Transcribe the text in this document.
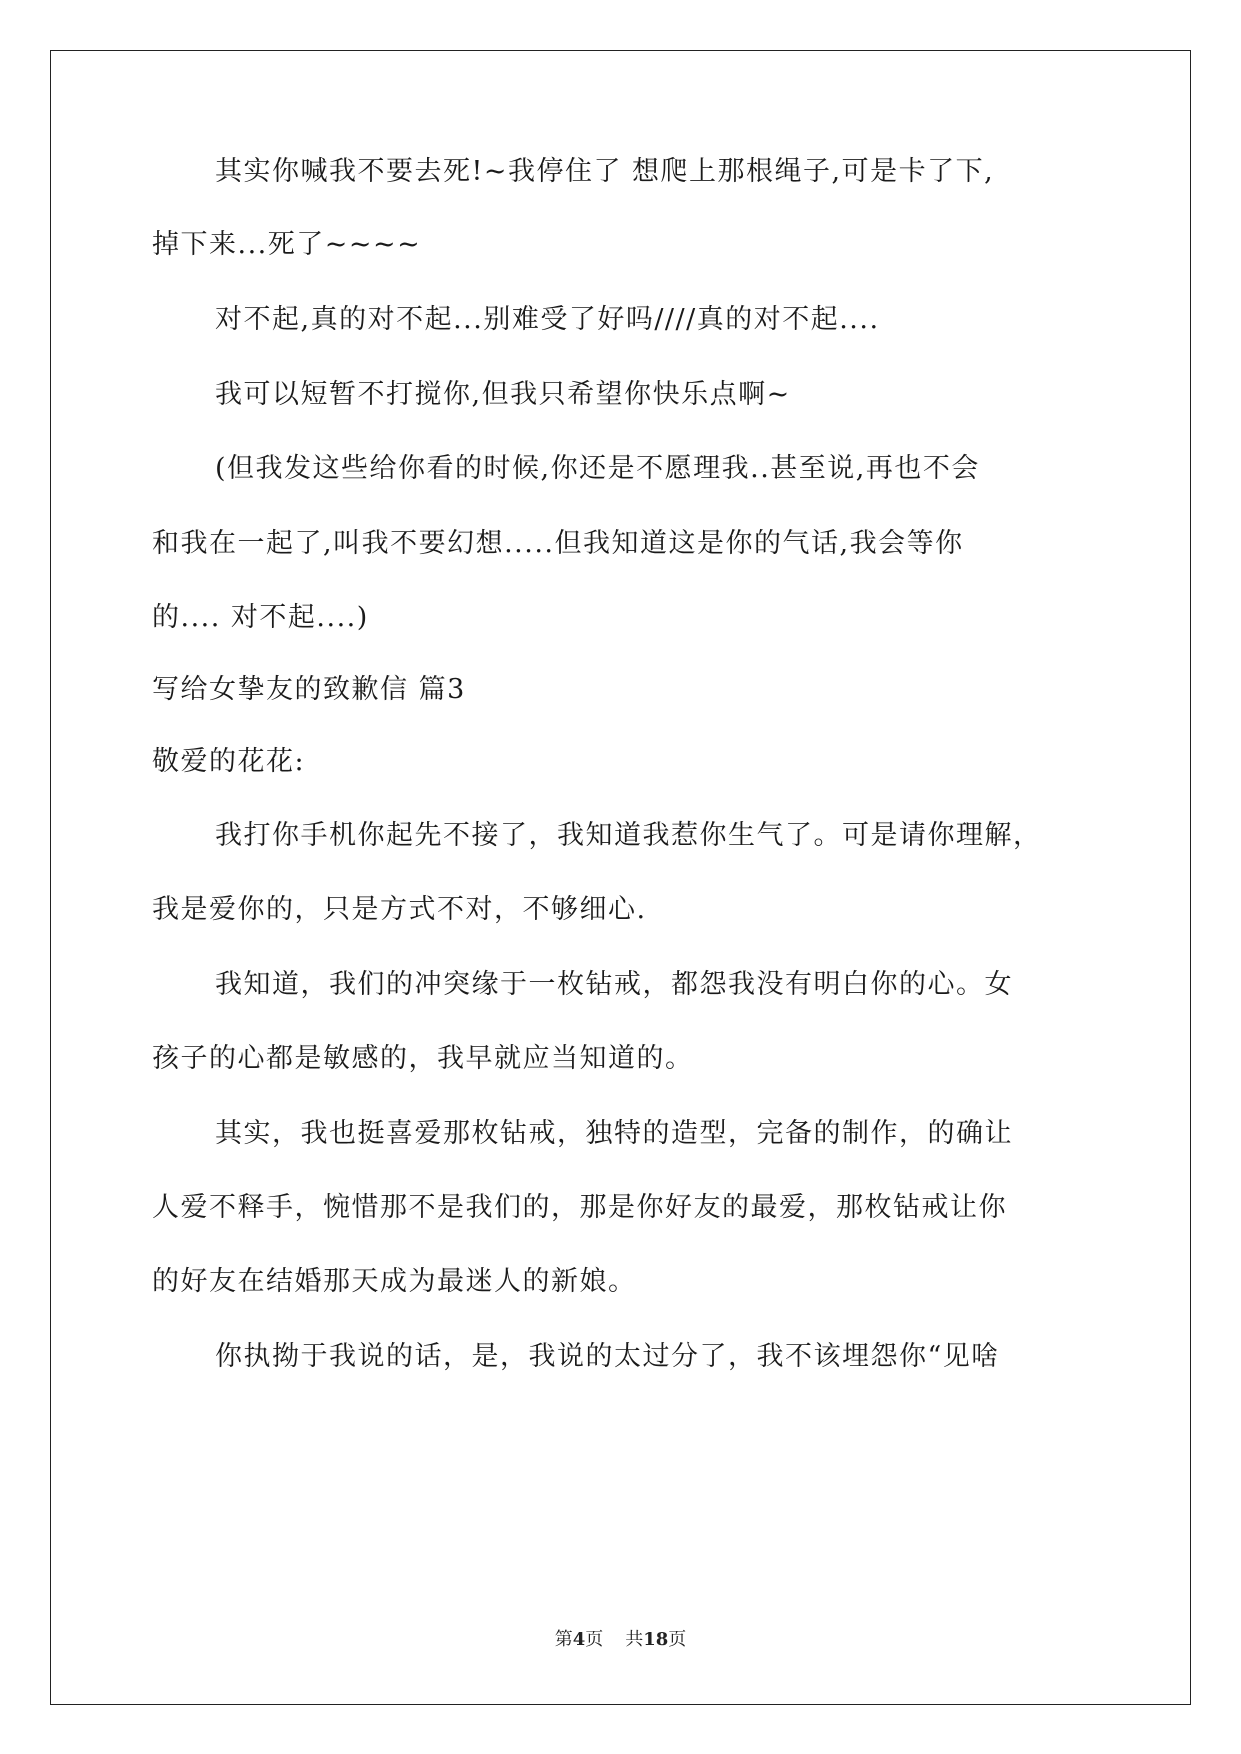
其实你喊我不要去死!~我停住了 想爬上那根绳子,可是卡了下,
掉下来...死了~~~~
对不起,真的对不起...别难受了好吗////真的对不起....
我可以短暂不打搅你,但我只希望你快乐点啊~
(但我发这些给你看的时候,你还是不愿理我..甚至说,再也不会
和我在一起了,叫我不要幻想.....但我知道这是你的气话,我会等你
的.... 对不起....)
写给女挚友的致歉信 篇3
敬爱的花花:
我打你手机你起先不接了，我知道我惹你生气了。可是请你理解，
我是爱你的，只是方式不对，不够细心.
我知道，我们的冲突缘于一枚钻戒，都怨我没有明白你的心。女
孩子的心都是敏感的，我早就应当知道的。
其实，我也挺喜爱那枚钻戒，独特的造型，完备的制作，的确让
人爱不释手，惋惜那不是我们的，那是你好友的最爱，那枚钻戒让你
的好友在结婚那天成为最迷人的新娘。
你执拗于我说的话，是，我说的太过分了，我不该埋怨你“见啥
第4页 共18页
